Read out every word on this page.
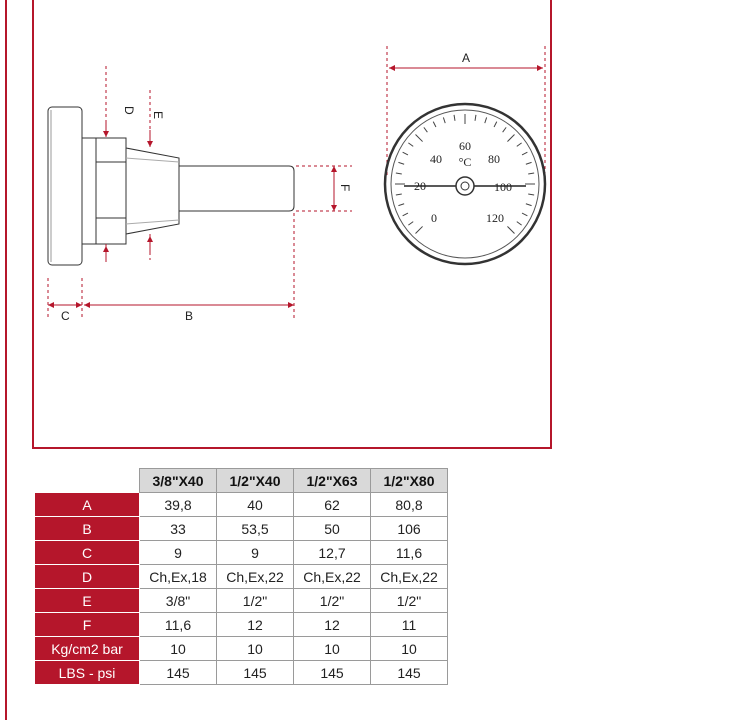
A
B
C
D
E
F
0
20
40
60
80
100
120
°C
	3/8"X40	1/2"X40	1/2"X63	1/2"X80
A	39,8	40	62	80,8
B	33	53,5	50	106
C	9	9	12,7	11,6
D	Ch,Ex,18	Ch,Ex,22	Ch,Ex,22	Ch,Ex,22
E	3/8"	1/2"	1/2"	1/2"
F	11,6	12	12	11
Kg/cm2 bar	10	10	10	10
LBS - psi	145	145	145	145
